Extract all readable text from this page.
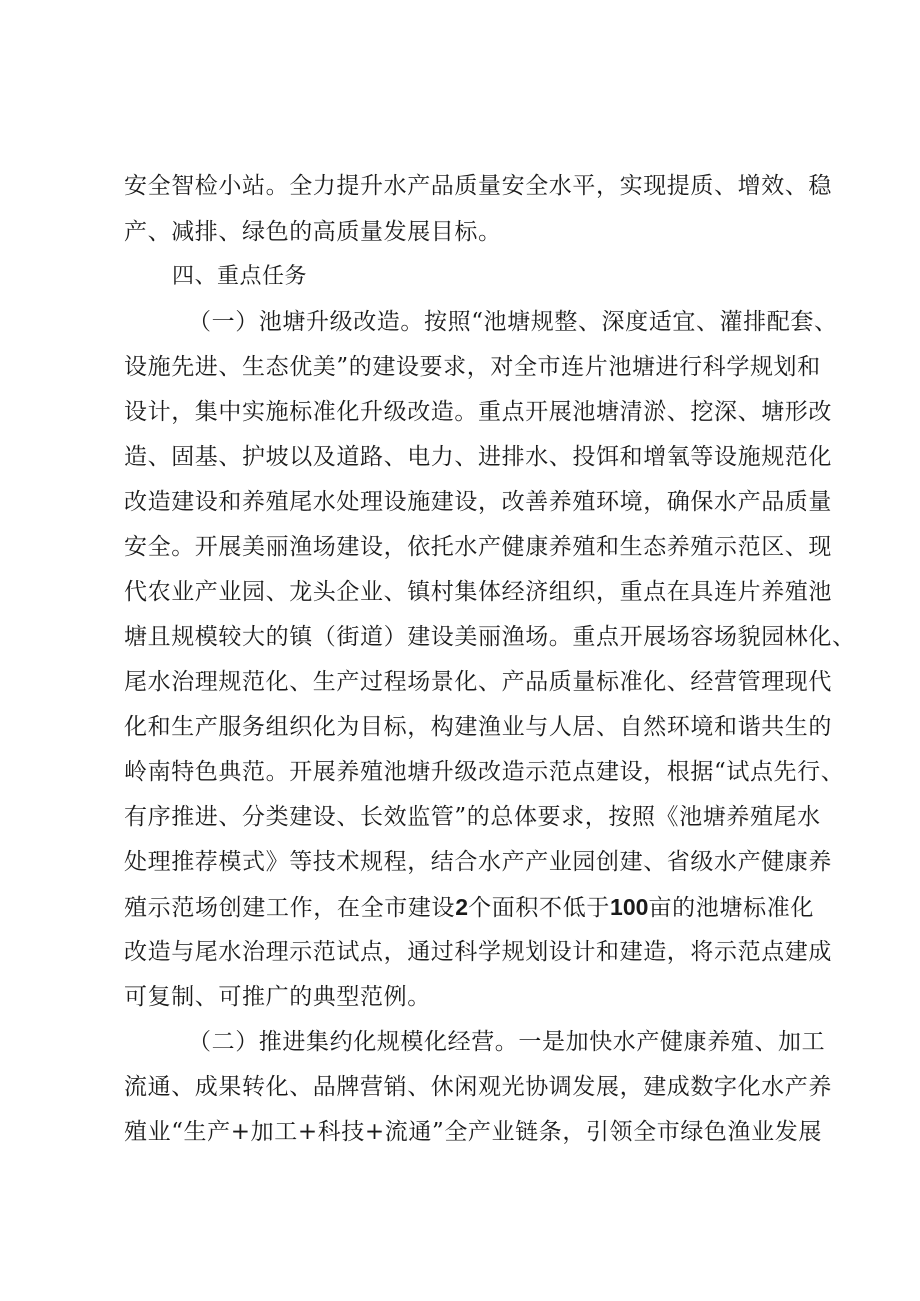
安全智检小站。全力提升水产品质量安全水平，实现提质、增效、稳
产、减排、绿色的高质量发展目标。
四、重点任务
（一）池塘升级改造。按照“池塘规整、深度适宜、灌排配套、
设施先进、生态优美”的建设要求，对全市连片池塘进行科学规划和
设计，集中实施标准化升级改造。重点开展池塘清淤、挖深、塘形改
造、固基、护坡以及道路、电力、进排水、投饵和增氧等设施规范化
改造建设和养殖尾水处理设施建设，改善养殖环境，确保水产品质量
安全。开展美丽渔场建设，依托水产健康养殖和生态养殖示范区、现
代农业产业园、龙头企业、镇村集体经济组织，重点在具连片养殖池
塘且规模较大的镇（街道）建设美丽渔场。重点开展场容场貌园林化、
尾水治理规范化、生产过程场景化、产品质量标准化、经营管理现代
化和生产服务组织化为目标，构建渔业与人居、自然环境和谐共生的
岭南特色典范。开展养殖池塘升级改造示范点建设，根据“试点先行、
有序推进、分类建设、长效监管”的总体要求，按照《池塘养殖尾水
处理推荐模式》等技术规程，结合水产产业园创建、省级水产健康养
殖示范场创建工作，在全市建设2个面积不低于100亩的池塘标准化
改造与尾水治理示范试点，通过科学规划设计和建造，将示范点建成
可复制、可推广的典型范例。
（二）推进集约化规模化经营。一是加快水产健康养殖、加工
流通、成果转化、品牌营销、休闲观光协调发展，建成数字化水产养
殖业“生产+加工+科技+流通”全产业链条，引领全市绿色渔业发展
